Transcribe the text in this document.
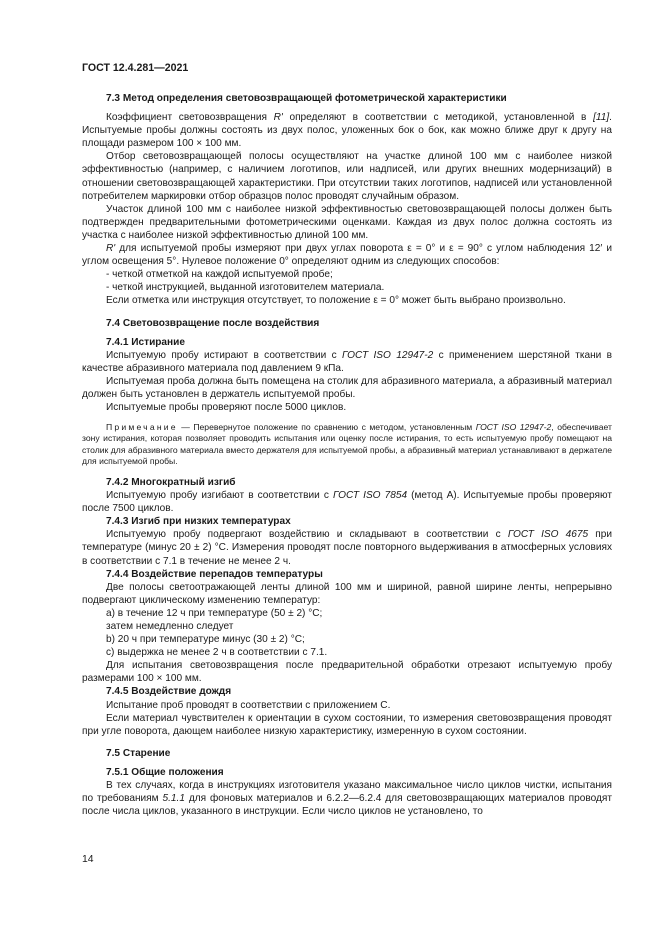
ГОСТ 12.4.281—2021
7.3 Метод определения световозвращающей фотометрической характеристики

Коэффициент световозвращения R' определяют в соответствии с методикой, установленной в [11]. Испытуемые пробы должны состоять из двух полос, уложенных бок о бок, как можно ближе друг к другу на площади размером 100 × 100 мм.

Отбор световозвращающей полосы осуществляют на участке длиной 100 мм с наиболее низкой эффективностью (например, с наличием логотипов, или надписей, или других внешних модернизаций) в отношении световозвращающей характеристики. При отсутствии таких логотипов, надписей или установленной потребителем маркировки отбор образцов полос проводят случайным образом.

Участок длиной 100 мм с наиболее низкой эффективностью световозвращающей полосы должен быть подтвержден предварительными фотометрическими оценками. Каждая из двух полос должна состоять из участка с наиболее низкой эффективностью длиной 100 мм.

R' для испытуемой пробы измеряют при двух углах поворота ε = 0° и ε = 90° с углом наблюдения 12′ и углом освещения 5°. Нулевое положение 0° определяют одним из следующих способов:

- четкой отметкой на каждой испытуемой пробе;

- четкой инструкцией, выданной изготовителем материала.

Если отметка или инструкция отсутствует, то положение ε = 0° может быть выбрано произвольно.

7.4 Световозвращение после воздействия
7.4.1 Истирание

Испытуемую пробу истирают в соответствии с ГОСТ ISO 12947-2 с применением шерстяной ткани в качестве абразивного материала под давлением 9 кПа.

Испытуемая проба должна быть помещена на столик для абразивного материала, а абразивный материал должен быть установлен в держатель испытуемой пробы.

Испытуемые пробы проверяют после 5000 циклов.

Примечание — Перевернутое положение по сравнению с методом, установленным ГОСТ ISO 12947-2, обеспечивает зону истирания, которая позволяет проводить испытания или оценку после истирания, то есть испытуемую пробу помещают на столик для абразивного материала вместо держателя для испытуемой пробы, а абразивный материал устанавливают в держателе для испытуемой пробы.

7.4.2 Многократный изгиб

Испытуемую пробу изгибают в соответствии с ГОСТ ISO 7854 (метод А). Испытуемые пробы проверяют после 7500 циклов.

7.4.3 Изгиб при низких температурах

Испытуемую пробу подвергают воздействию и складывают в соответствии с ГОСТ ISO 4675 при температуре (минус 20 ± 2) °С. Измерения проводят после повторного выдерживания в атмосферных условиях в соответствии с 7.1 в течение не менее 2 ч.

7.4.4 Воздействие перепадов температуры

Две полосы светоотражающей ленты длиной 100 мм и шириной, равной ширине ленты, непрерывно подвергают циклическому изменению температур:

а) в течение 12 ч при температуре (50 ± 2) °С;

затем немедленно следует

b) 20 ч при температуре минус (30 ± 2) °С;

с) выдержка не менее 2 ч в соответствии с 7.1.

Для испытания световозвращения после предварительной обработки отрезают испытуемую пробу размерами 100 × 100 мм.

7.4.5 Воздействие дождя

Испытание проб проводят в соответствии с приложением С.

Если материал чувствителен к ориентации в сухом состоянии, то измерения световозвращения проводят при угле поворота, дающем наиболее низкую характеристику, измеренную в сухом состоянии.

7.5 Старение
7.5.1 Общие положения

В тех случаях, когда в инструкциях изготовителя указано максимальное число циклов чистки, испытания по требованиям 5.1.1 для фоновых материалов и 6.2.2—6.2.4 для световозвращающих материалов проводят после числа циклов, указанного в инструкции. Если число циклов не установлено, то

14
